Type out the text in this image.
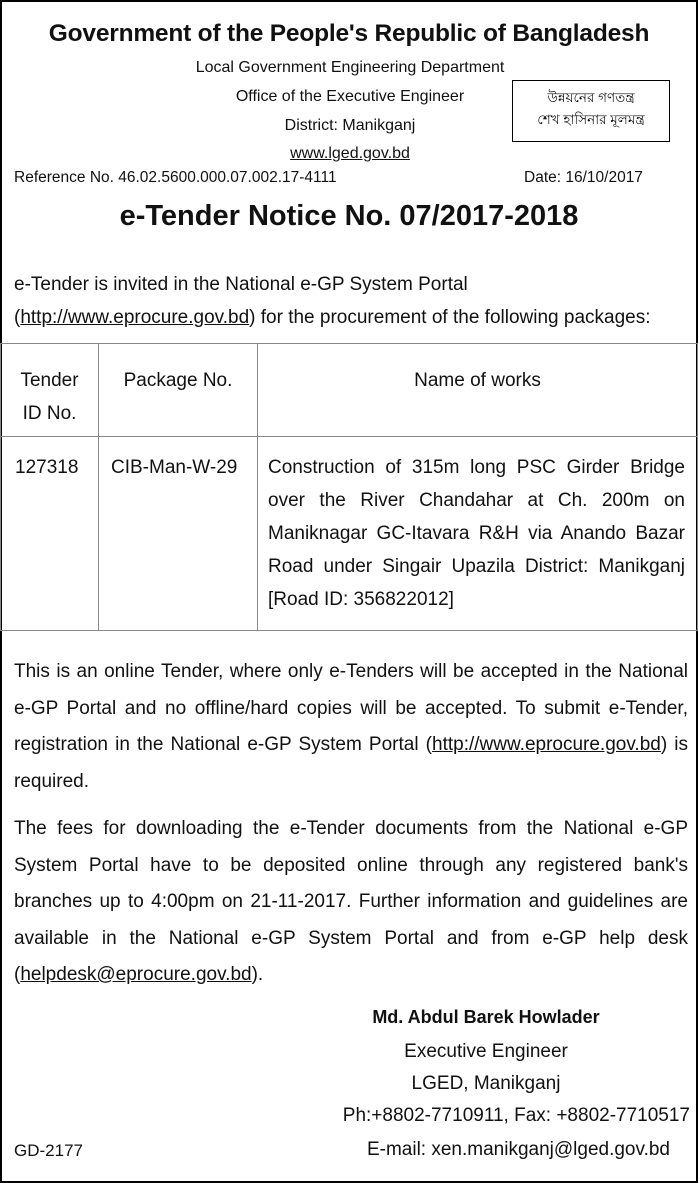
Government of the People's Republic of Bangladesh
Local Government Engineering Department
Office of the Executive Engineer
District: Manikganj
www.lged.gov.bd
উন্নয়নের গণতন্ত্র
শেখ হাসিনার মূলমন্ত্র
Reference No. 46.02.5600.000.07.002.17-4111	Date: 16/10/2017
e-Tender Notice No. 07/2017-2018
e-Tender is invited in the National e-GP System Portal
(http://www.eprocure.gov.bd) for the procurement of the following packages:
Tender
ID No.	Package No.	Name of works

127318	CIB-Man-W-29	Construction of 315m long PSC Girder Bridge over the River Chandahar at Ch. 200m on Maniknagar GC-Itavara R&H via Anando Bazar Road under Singair Upazila District: Manikganj [Road ID: 356822012]
This is an online Tender, where only e-Tenders will be accepted in the National e-GP Portal and no offline/hard copies will be accepted. To submit e-Tender, registration in the National e-GP System Portal (http://www.eprocure.gov.bd) is required.
The fees for downloading the e-Tender documents from the National e-GP System Portal have to be deposited online through any registered bank's branches up to 4:00pm on 21-11-2017. Further information and guidelines are available in the National e-GP System Portal and from e-GP help desk (helpdesk@eprocure.gov.bd).
Md. Abdul Barek Howlader
Executive Engineer
LGED, Manikganj
Ph:+8802-7710911, Fax: +8802-7710517
E-mail: xen.manikganj@lged.gov.bd
GD-2177
